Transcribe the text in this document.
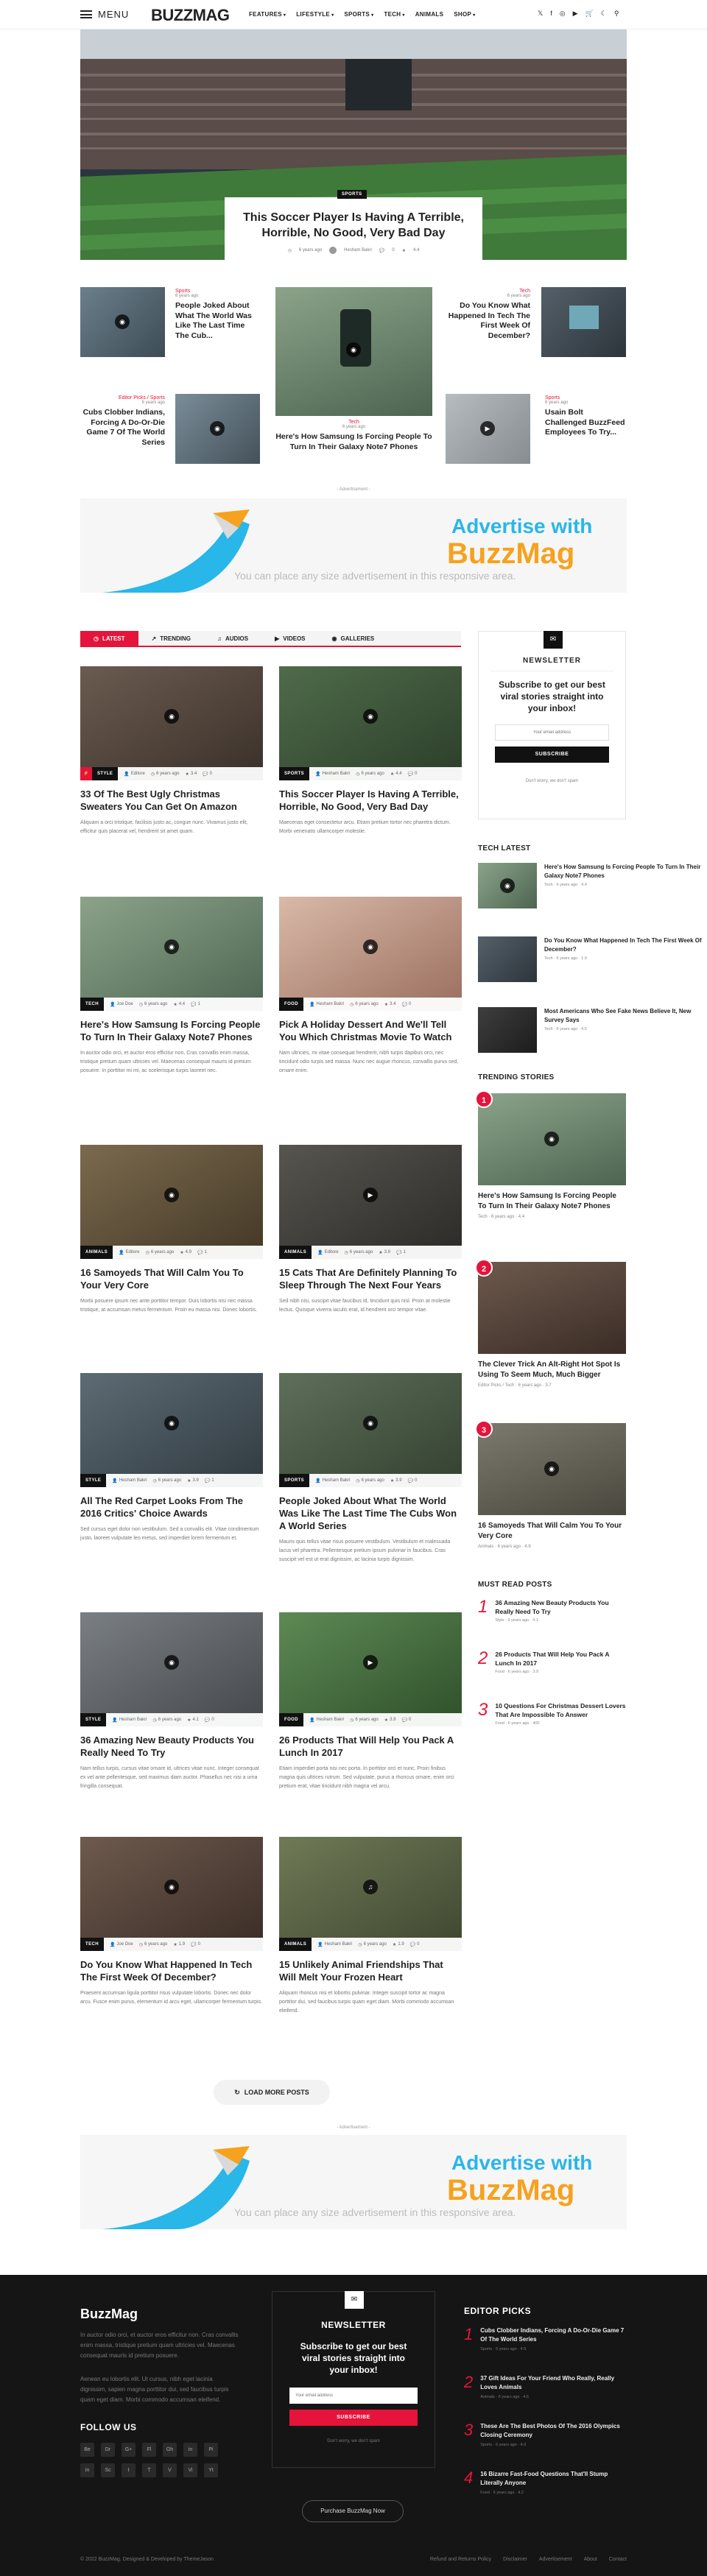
MENU BUZZMAG	FEATURES ▾ LIFESTYLE ▾ SPORTS ▾ TECH ▾ ANIMALS SHOP ▾	𝕏 f ◎ ▶ 🛒 ☾ ⚲
SPORTS
This Soccer Player Is Having A Terrible, Horrible, No Good, Very Bad Day
◷ 6 years ago	Hesham Bakri 💬 0 ★ 4.4
◉
Sports
6 years ago
People Joked About What The World Was Like The Last Time The Cub...
◉
Tech
6 years ago
Here's How Samsung Is Forcing People To Turn In Their Galaxy Note7 Phones
Tech
6 years ago
Do You Know What Happened In Tech The First Week Of December?
Editor Picks / Sports
6 years ago
Cubs Clobber Indians, Forcing A Do-Or-Die Game 7 Of The World Series
◉	▶
Sports
6 years ago
Usain Bolt Challenged BuzzFeed Employees To Try...
- Advertisement -
Advertise with
BuzzMag
You can place any size advertisement in this responsive area.
◷ LATEST	↗ TRENDING	♫ AUDIOS	▶ VIDEOS	◉ GALLERIES
◉
⚡	STYLE	👤 Editore ◷ 6 years ago ★ 3.4 💬 0
33 Of The Best Ugly Christmas Sweaters You Can Get On Amazon

Aliquam a orci tristique, facilisis justo ac, congue nunc. Vivamus justo elit, efficitur quis placerat vel, hendrerit sit amet quam.

◉
SPORTS	👤 Hesham Bakri ◷ 6 years ago ★ 4.4 💬 0
This Soccer Player Is Having A Terrible, Horrible, No Good, Very Bad Day

Maecenas eget consectetur arcu. Etiam pretium tortor nec pharetra dictum. Morbi venenatis ullamcorper molestie.

◉
TECH	👤 Joe Doe ◷ 6 years ago ★ 4.4 💬 1
Here's How Samsung Is Forcing People To Turn In Their Galaxy Note7 Phones

In auctor odio orci, et auctor eros efficitur non. Cras convallis enim massa, tristique pretium quam ultricies vel. Maecenas consequat mauris id pretium posuere. In porttitor mi mi, ac scelerisque turpis laoreet nec.

◉
FOOD	👤 Hesham Bakri ◷ 6 years ago ★ 3.4 💬 0
Pick A Holiday Dessert And We'll Tell You Which Christmas Movie To Watch

Nam ultricies, mi vitae consequat hendrerit, nibh turpis dapibus orci, nec tincidunt odio turpis sed massa. Nunc nec augue rhoncus, convallis purus sed, ornare enim.

◉
ANIMALS	👤 Editore ◷ 6 years ago ★ 4.9 💬 1
16 Samoyeds That Will Calm You To Your Very Core

Morbi posuere ipsum nec ante porttitor tempor. Duis lobortis nisi nec massa tristique, at accumsan metus fermentum. Proin eu massa nisi. Donec lobortis.

▶
ANIMALS	👤 Editore ◷ 6 years ago ★ 3.9 💬 1
15 Cats That Are Definitely Planning To Sleep Through The Next Four Years

Sed nibh nisi, suscipit vitae faucibus id, tincidunt quis nisl. Proin at molestie lectus. Quisque viverra iaculis erat, id hendrerit orci tempor vitae.

◉
STYLE	👤 Hesham Bakri ◷ 6 years ago ★ 3.9 💬 1
All The Red Carpet Looks From The 2016 Critics' Choice Awards

Sed cursus eget dolor non vestibulum. Sed a convallis elit. Vitae condimentum justo, laoreet vulputate leo metus, sed imperdiet lorem fermentum et.

◉
SPORTS	👤 Hesham Bakri ◷ 6 years ago ★ 3.9 💬 0
People Joked About What The World Was Like The Last Time The Cubs Won A World Series

Mauris quis tellus vitae risus posuere vestibulum. Vestibulum et malesuada lacus vel pharetra. Pellentesque pretium ipsum pulvinar in faucibus. Cras suscipit vel est ut erat dignissim, ac lacinia turpis dignissim.

◉
STYLE	👤 Hesham Bakri ◷ 6 years ago ★ 4.1 💬 0
36 Amazing New Beauty Products You Really Need To Try

Nam tellus turpis, cursus vitae ornare id, ultrices vitae nunc. Integer consequat ex vel ante pellentesque, sed maximus diam auctor. Phasellus nec nisi a urna fringilla consequat.

▶
FOOD	👤 Hesham Bakri ◷ 6 years ago ★ 3.9 💬 0
26 Products That Will Help You Pack A Lunch In 2017

Etiam imperdiet porta nisi nec porta. In porttitor orci et nunc. Proin finibus magna quis ultrices rutrum. Sed vulputate, purus a rhoncus ornare, enim orci pretium erat, vitae tincidunt nibh magna vel arcu.

◉
TECH	👤 Joe Doe ◷ 6 years ago ★ 1.9 💬 0
Do You Know What Happened In Tech The First Week Of December?

Praesent accumsan ligula porttitor risus vulputate lobortis. Donec nec dolor arcu. Fusce enim purus, elementum id arcu eget, ullamcorper fermentum turpis.

♫
ANIMALS	👤 Hesham Bakri ◷ 6 years ago ★ 1.9 💬 0
15 Unlikely Animal Friendships That Will Melt Your Frozen Heart

Aliquam rhoncus nisi et lobortis pulvinar. Integer suscipit tortor ac magna porttitor dui, sed faucibus turpis quam eget diam. Morbi commodo accumsan eleifend.

✉
NEWSLETTER
Subscribe to get our best viral stories straight into your inbox!
Your email address
SUBSCRIBE
Don't worry, we don't spam
TECH LATEST
◉
Here's How Samsung Is Forcing People To Turn In Their Galaxy Note7 Phones
Tech · 6 years ago · 4.4
Do You Know What Happened In Tech The First Week Of December?
Tech · 6 years ago · 1.9
Most Americans Who See Fake News Believe It, New Survey Says
Tech · 6 years ago · 4.0
TRENDING STORIES
1
◉
Here's How Samsung Is Forcing People To Turn In Their Galaxy Note7 Phones
Tech · 6 years ago · 4.4
2
The Clever Trick An Alt-Right Hot Spot Is Using To Seem Much, Much Bigger
Editor Picks / Tech · 6 years ago · 3.7
3
◉
16 Samoyeds That Will Calm You To Your Very Core
Animals · 6 years ago · 4.9
MUST READ POSTS
1 36 Amazing New Beauty Products You Really Need To Try
Style · 6 years ago · 4.1
2 26 Products That Will Help You Pack A Lunch In 2017
Food · 6 years ago · 3.9
3 10 Questions For Christmas Dessert Lovers That Are Impossible To Answer
Food · 6 years ago · 400
↻ LOAD MORE POSTS
- Advertisement -
Advertise with
BuzzMag
You can place any size advertisement in this responsive area.
BuzzMag
In auctor odio orci, et auctor eros efficitur non. Cras convallis enim massa, tristique pretium quam ultricies vel. Maecenas consequat mauris id pretium posuere.
Aenean eu lobortis elit. Ut cursus, nibh eget lacinia dignissim, sapien magna porttitor dui, sed faucibus turpis quam eget diam. Morbi commodo accumsan eleifend.
FOLLOW US
Be	Dr	G+	Fl	Gh	in	Pi
in	Sc	t	T	V	Vi	Yt
✉
NEWSLETTER
Subscribe to get our best viral stories straight into your inbox!
Your email address
SUBSCRIBE
Don't worry, we don't spam
Purchase BuzzMag Now
EDITOR PICKS
1 Cubs Clobber Indians, Forcing A Do-Or-Die Game 7 Of The World Series
Sports · 6 years ago · 4.5
2 37 Gift Ideas For Your Friend Who Really, Really Loves Animals
Animals · 6 years ago · 4.6
3 These Are The Best Photos Of The 2016 Olympics Closing Ceremony
Sports · 6 years ago · 4.0
4 16 Bizarre Fast-Food Questions That'll Stump Literally Anyone
Food · 6 years ago · 4.2
© 2022 BuzzMag. Designed & Developed by ThemeJason	Refund and Returns Policy Disclaimer Advertisement About Contact
